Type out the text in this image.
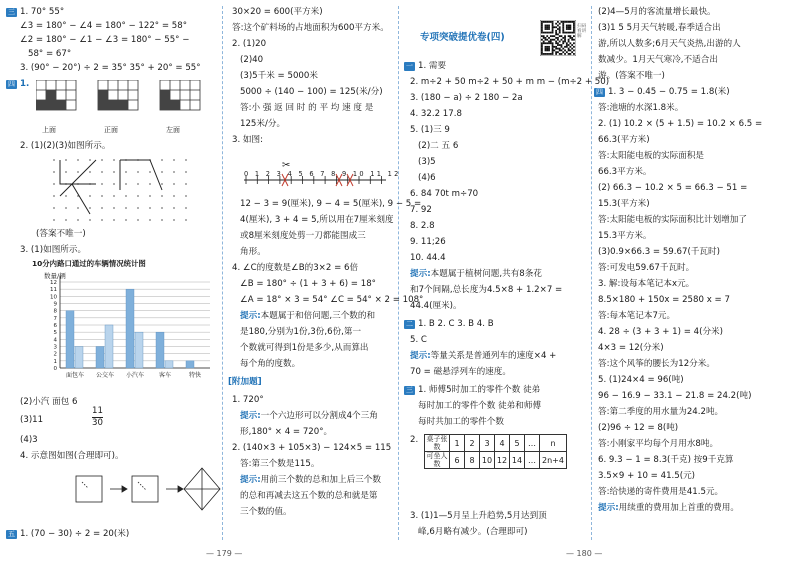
三 1. 70° 55°
∠3 = 180° − ∠4 = 180° − 122° = 58°
∠2 = 180° − ∠1 − ∠3 = 180° − 55° −
58° = 67°
3. (90° − 20°) ÷ 2 = 35° 35° + 20° = 55°
四 1.
上面	正面	左面
2. (1)(2)(3)如图所示。
(答案不唯一)
3. (1)如图所示。
10分内路口通过的车辆情况统计图
数量/辆
0
1
2
3
4
5
6
7
8
9
10
11
12
面包车 公交车 小汽车 客车	特快
(2)小汽 面包 6
(3)11	$\frac{11}{30}$
(4)3
4. 示意图如图(合理即可)。
五 1. (70 − 30) ÷ 2 = 20(米)
30×20 = 600(平方米)
答:这个矿料场的占地面积为600平方米。
2. (1)20
(2)40
(3)5千米 = 5000米
5000 ÷ (140 − 100) = 125(米/分)
答:小 强 返 回 时 的 平 均 速 度 是
125米/分。
3. 如图:
✂
0 1 2 3 4 5 6 7 8 9 10 11 12
12 − 3 = 9(厘米), 9 − 4 = 5(厘米), 9 − 5 =
4(厘米), 3 + 4 = 5,所以用在7厘米刻度
或8厘米刻度处剪一刀都能围成三
角形。
4. ∠C的度数是∠B的3×2 = 6倍
∠B = 180° ÷ (1 + 3 + 6) = 18°
∠A = 18° × 3 = 54° ∠C = 54° × 2 = 108°
提示:本题属于和倍问题,三个数的和
是180,分别为1份,3份,6份,第一
个数就可得到1份是多少,从而算出
每个角的度数。
[附加题]
1. 720°
提示:一个六边形可以分割成4个三角
形,180° × 4 = 720°。
2. (140×3 + 105×3) − 124×5 = 115
答:第三个数是115。
提示:用前三个数的总和加上后三个数
的总和再减去这五个数的总和就是第
三个数的值。
专项突破提优卷(四)
扫码看讲解
一 1. 需要
2. m÷2 + 50 m÷2 + 50 + m m − (m÷2 + 50)
3. (180 − a) ÷ 2 180 − 2a
4. 32.2 17.8
5. (1)三 9
(2)二 五 6
(3)5
(4)6
6. 84 70t m÷70
7. 92
8. 2.8
9. 11;26
10. 44.4
提示:本题属于植树问题,共有8条花
和7个间隔,总长度为4.5×8 + 1.2×7 =
44.4(厘米)。
二 1. B 2. C 3. B 4. B
5. C
提示:等量关系是普通列车的速度×4 +
70 = 磁悬浮列车的速度。
三 1. 师傅5时加工的零件个数 徒弟
每时加工的零件个数 徒弟和师傅
每时共加工的零件个数
2. 桌子张数	1	2	3	4	5	…	n
可坐人数	6	8	10	12	14	…	2n+4
3. (1)1—5月呈上升趋势,5月达到顶
峰,6月略有减少。(合理即可)
(2)4—5月的客流量增长最快。
(3)1 5 5月天气转暖,春季适合出
游,所以人数多;6月天气炎热,出游的人
数减少。1月天气寒冷,不适合出
游。(答案不唯一)
四 1. 3 − 0.45 − 0.75 = 1.8(米)
答:池塘的水深1.8米。
2. (1) 10.2 × (5 + 1.5) = 10.2 × 6.5 =
66.3(平方米)
答:太阳能电板的实际面积是
66.3平方米。
(2) 66.3 − 10.2 × 5 = 66.3 − 51 =
15.3(平方米)
答:太阳能电板的实际面积比计划增加了
15.3平方米。
(3)0.9×66.3 = 59.67(千瓦时)
答:可发电59.67千瓦时。
3. 解:设每本笔记本x元。
8.5×180 + 150x = 2580 x = 7
答:每本笔记本7元。
4. 28 ÷ (3 + 3 + 1) = 4(分米)
4×3 = 12(分米)
答:这个风筝的腰长为12分米。
5. (1)24×4 = 96(吨)
96 − 16.9 − 33.1 − 21.8 = 24.2(吨)
答:第二季度的用水量为24.2吨。
(2)96 ÷ 12 = 8(吨)
答:小刚家平均每个月用水8吨。
6. 9.3 − 1 = 8.3(千克) 按9千克算
3.5×9 + 10 = 41.5(元)
答:给快递的寄件费用是41.5元。
提示:用续重的费用加上首重的费用。
— 179 —	— 180 —
